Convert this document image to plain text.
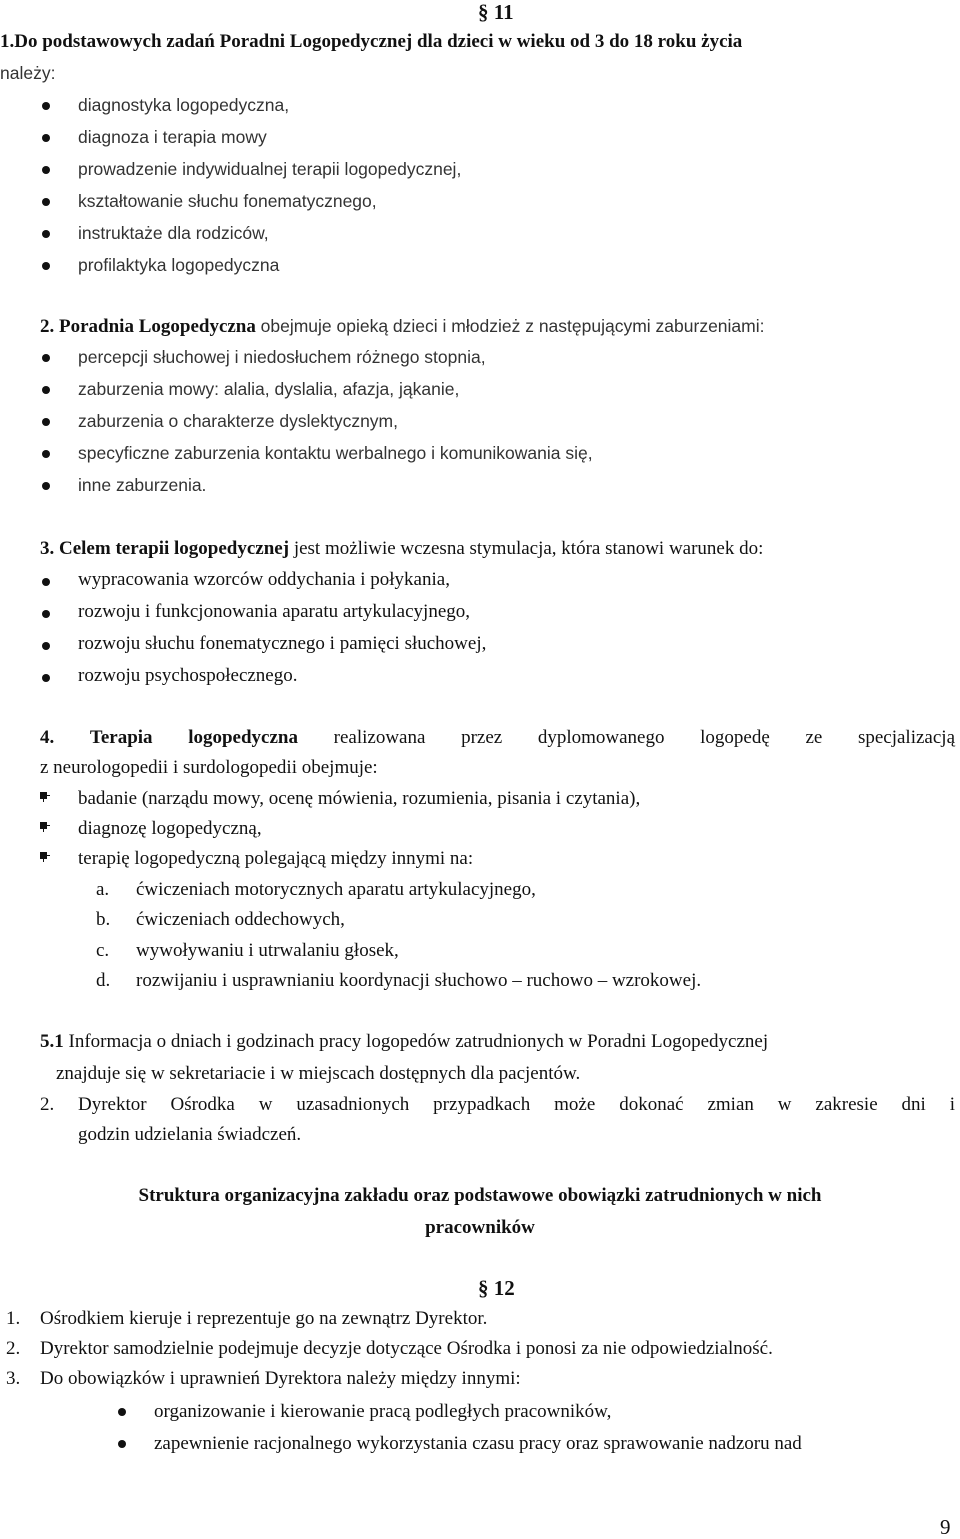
§ 11
1.Do podstawowych zadań Poradni Logopedycznej dla dzieci w wieku od 3 do 18 roku życia
należy:
diagnostyka logopedyczna,
diagnoza i terapia mowy
prowadzenie indywidualnej terapii logopedycznej,
kształtowanie słuchu fonematycznego,
instruktaże dla rodziców,
profilaktyka logopedyczna
2. Poradnia Logopedyczna obejmuje opieką dzieci i młodzież z następującymi zaburzeniami:
percepcji słuchowej i niedosłuchem różnego stopnia,
zaburzenia mowy: alalia, dyslalia, afazja, jąkanie,
zaburzenia o charakterze dyslektycznym,
specyficzne zaburzenia kontaktu werbalnego i komunikowania się,
inne zaburzenia.
3. Celem terapii logopedycznej jest możliwie wczesna stymulacja, która stanowi warunek do:
wypracowania wzorców oddychania i połykania,
rozwoju i funkcjonowania aparatu artykulacyjnego,
rozwoju słuchu fonematycznego i pamięci słuchowej,
rozwoju psychospołecznego.
4. Terapia logopedyczna realizowana przez dyplomowanego logopedę ze specjalizacją
z neurologopedii i surdologopedii obejmuje:
badanie (narządu mowy, ocenę mówienia, rozumienia, pisania i czytania),
diagnozę logopedyczną,
terapię logopedyczną polegającą między innymi na:
a. ćwiczeniach motorycznych aparatu artykulacyjnego,
b. ćwiczeniach oddechowych,
c. wywoływaniu i utrwalaniu głosek,
d. rozwijaniu i usprawnianiu koordynacji słuchowo – ruchowo – wzrokowej.
5.1 Informacja o dniach i godzinach pracy logopedów zatrudnionych w Poradni Logopedycznej
znajduje się w sekretariacie i w miejscach dostępnych dla pacjentów.
2. Dyrektor Ośrodka w uzasadnionych przypadkach może dokonać zmian w zakresie dni i
godzin udzielania świadczeń.
Struktura organizacyjna zakładu oraz podstawowe obowiązki zatrudnionych w nich
pracowników
§ 12
1. Ośrodkiem kieruje i reprezentuje go na zewnątrz Dyrektor.
2. Dyrektor samodzielnie podejmuje decyzje dotyczące Ośrodka i ponosi za nie odpowiedzialność.
3. Do obowiązków i uprawnień Dyrektora należy między innymi:
organizowanie i kierowanie pracą podległych pracowników,
zapewnienie racjonalnego wykorzystania czasu pracy oraz sprawowanie nadzoru nad
9
